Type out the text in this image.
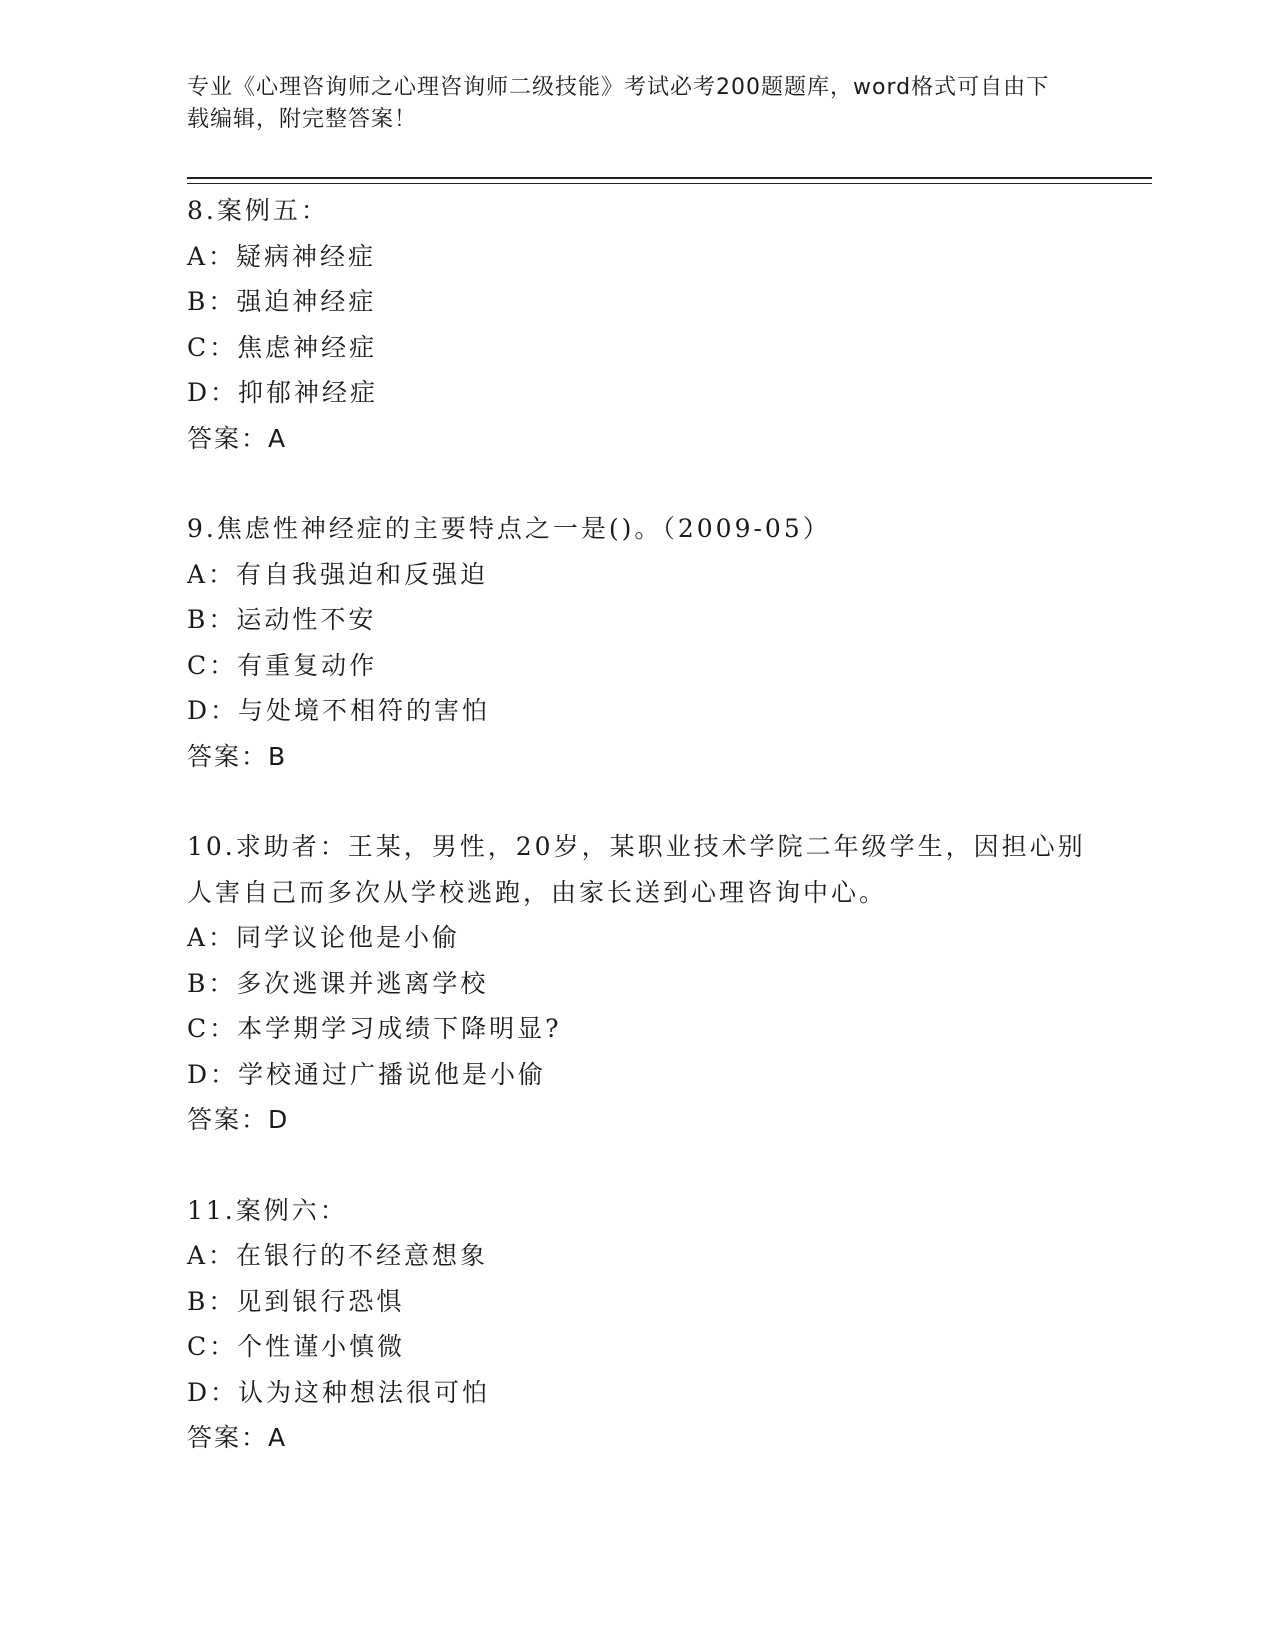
专业《心理咨询师之心理咨询师二级技能》考试必考200题题库，word格式可自由下载编辑，附完整答案！
8.案例五：
A：疑病神经症
B：强迫神经症
C：焦虑神经症
D：抑郁神经症
答案：A
9.焦虑性神经症的主要特点之一是()。（2009-05）
A：有自我强迫和反强迫
B：运动性不安
C：有重复动作
D：与处境不相符的害怕
答案：B
10.求助者：王某，男性，20岁，某职业技术学院二年级学生，因担心别人害自己而多次从学校逃跑，由家长送到心理咨询中心。
A：同学议论他是小偷
B：多次逃课并逃离学校
C：本学期学习成绩下降明显?
D：学校通过广播说他是小偷
答案：D
11.案例六：
A：在银行的不经意想象
B：见到银行恐惧
C：个性谨小慎微
D：认为这种想法很可怕
答案：A
